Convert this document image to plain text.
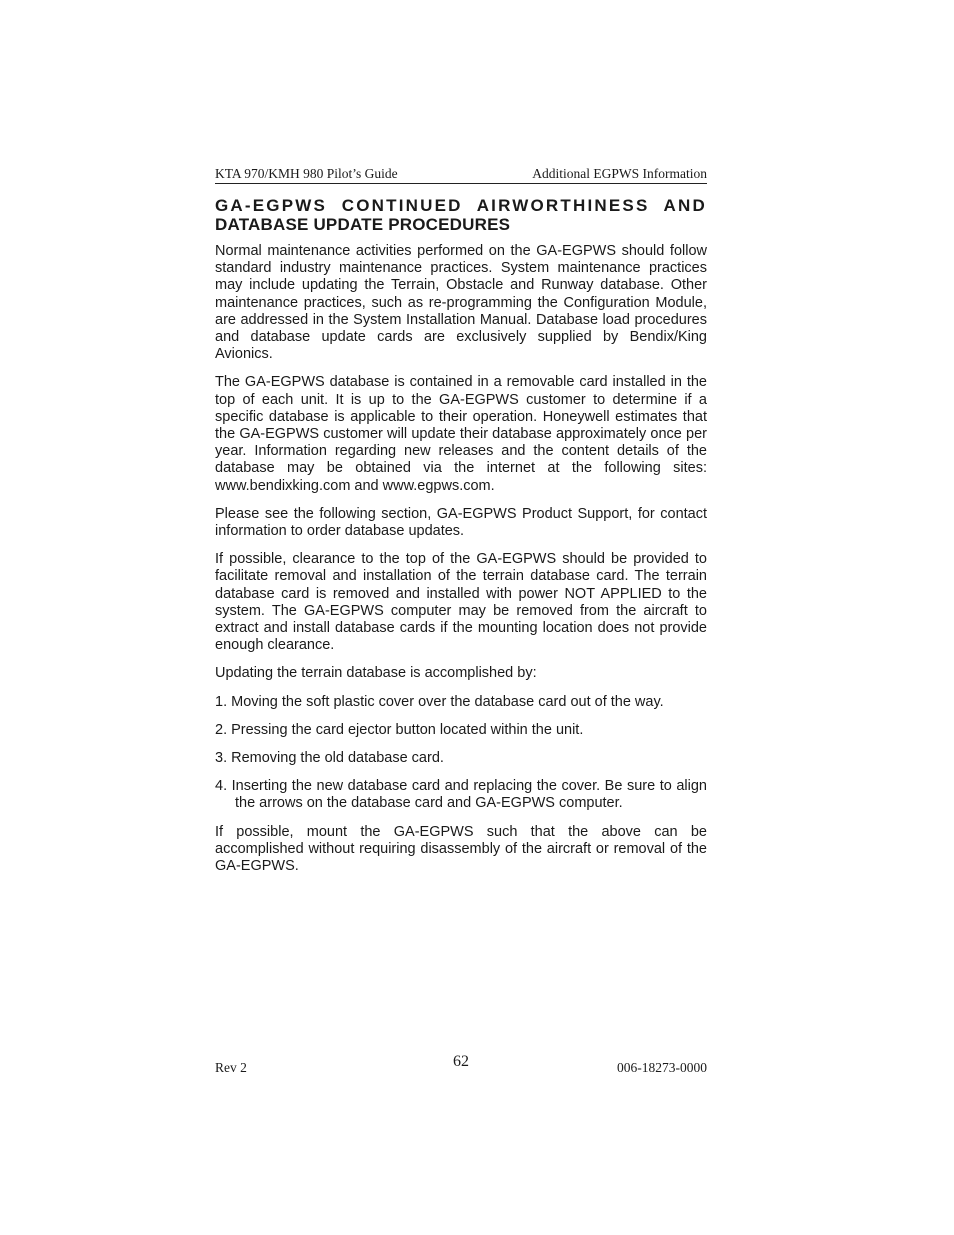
KTA 970/KMH 980 Pilot’s Guide	Additional EGPWS Information
GA-EGPWS CONTINUED AIRWORTHINESS AND
DATABASE UPDATE PROCEDURES

Normal maintenance activities performed on the GA-EGPWS should follow standard industry maintenance practices. System maintenance practices may include updating the Terrain, Obstacle and Runway database. Other maintenance practices, such as re-programming the Configuration Module, are addressed in the System Installation Manual. Database load procedures and database update cards are exclusively supplied by Bendix/King Avionics.

The GA-EGPWS database is contained in a removable card installed in the top of each unit. It is up to the GA-EGPWS customer to determine if a specific database is applicable to their operation. Honeywell estimates that the GA-EGPWS customer will update their database approximately once per year. Information regarding new releases and the content details of the database may be obtained via the internet at the following sites: www.bendixking.com and www.egpws.com.

Please see the following section, GA-EGPWS Product Support, for contact information to order database updates.

If possible, clearance to the top of the GA-EGPWS should be provided to facilitate removal and installation of the terrain database card. The terrain database card is removed and installed with power NOT APPLIED to the system. The GA-EGPWS computer may be removed from the aircraft to extract and install database cards if the mounting location does not provide enough clearance.

Updating the terrain database is accomplished by:

1. Moving the soft plastic cover over the database card out of the way.

2. Pressing the card ejector button located within the unit.

3. Removing the old database card.

4. Inserting the new database card and replacing the cover. Be sure to align the arrows on the database card and GA-EGPWS computer.

If possible, mount the GA-EGPWS such that the above can be accomplished without requiring disassembly of the aircraft or removal of the GA-EGPWS.

Rev 2	62	006-18273-0000
